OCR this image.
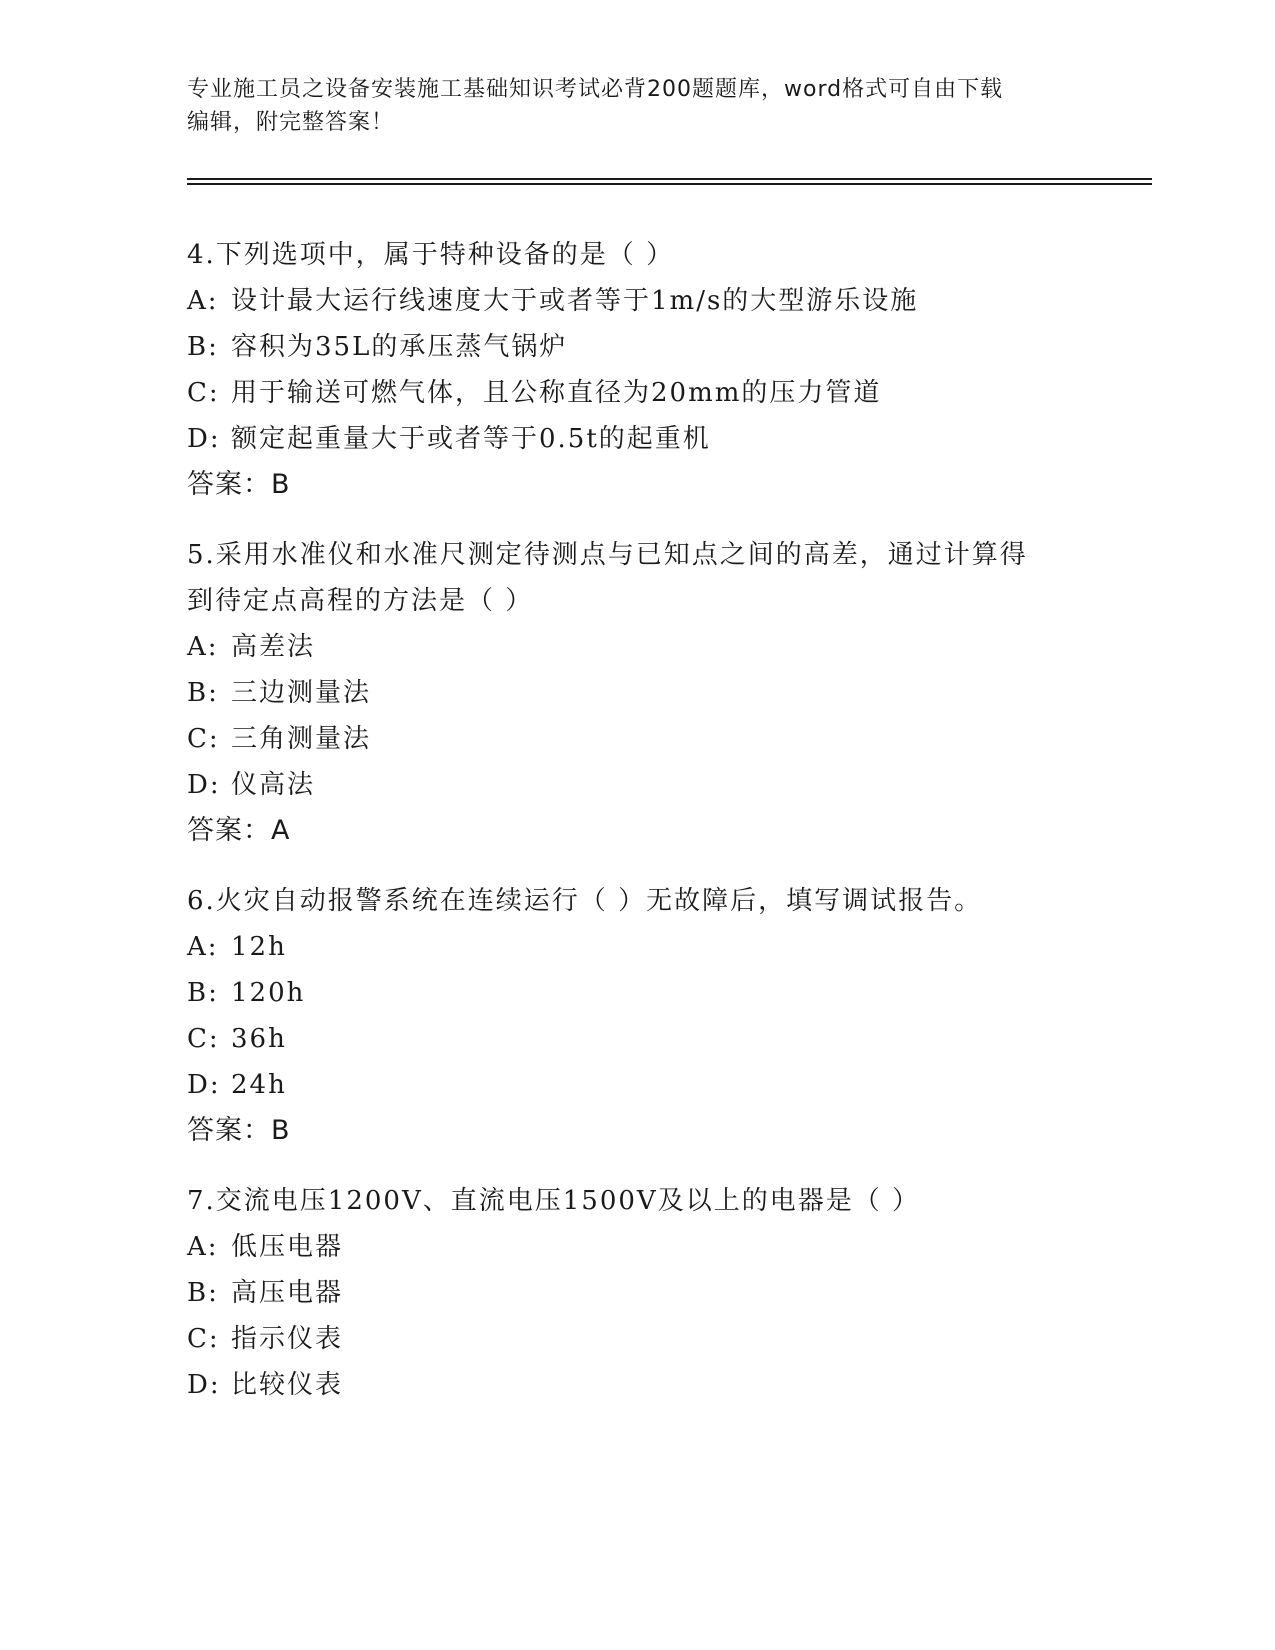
专业施工员之设备安装施工基础知识考试必背200题题库，word格式可自由下载
编辑，附完整答案！
4.下列选项中，属于特种设备的是（ ）
A: 设计最大运行线速度大于或者等于1m/s的大型游乐设施
B: 容积为35L的承压蒸气锅炉
C: 用于输送可燃气体，且公称直径为20mm的压力管道
D: 额定起重量大于或者等于0.5t的起重机
答案：B
5.采用水准仪和水准尺测定待测点与已知点之间的高差，通过计算得
到待定点高程的方法是（ ）
A: 高差法
B: 三边测量法
C: 三角测量法
D: 仪高法
答案：A
6.火灾自动报警系统在连续运行（ ）无故障后，填写调试报告。
A: 12h
B: 120h
C: 36h
D: 24h
答案：B
7.交流电压1200V、直流电压1500V及以上的电器是（ ）
A: 低压电器
B: 高压电器
C: 指示仪表
D: 比较仪表
